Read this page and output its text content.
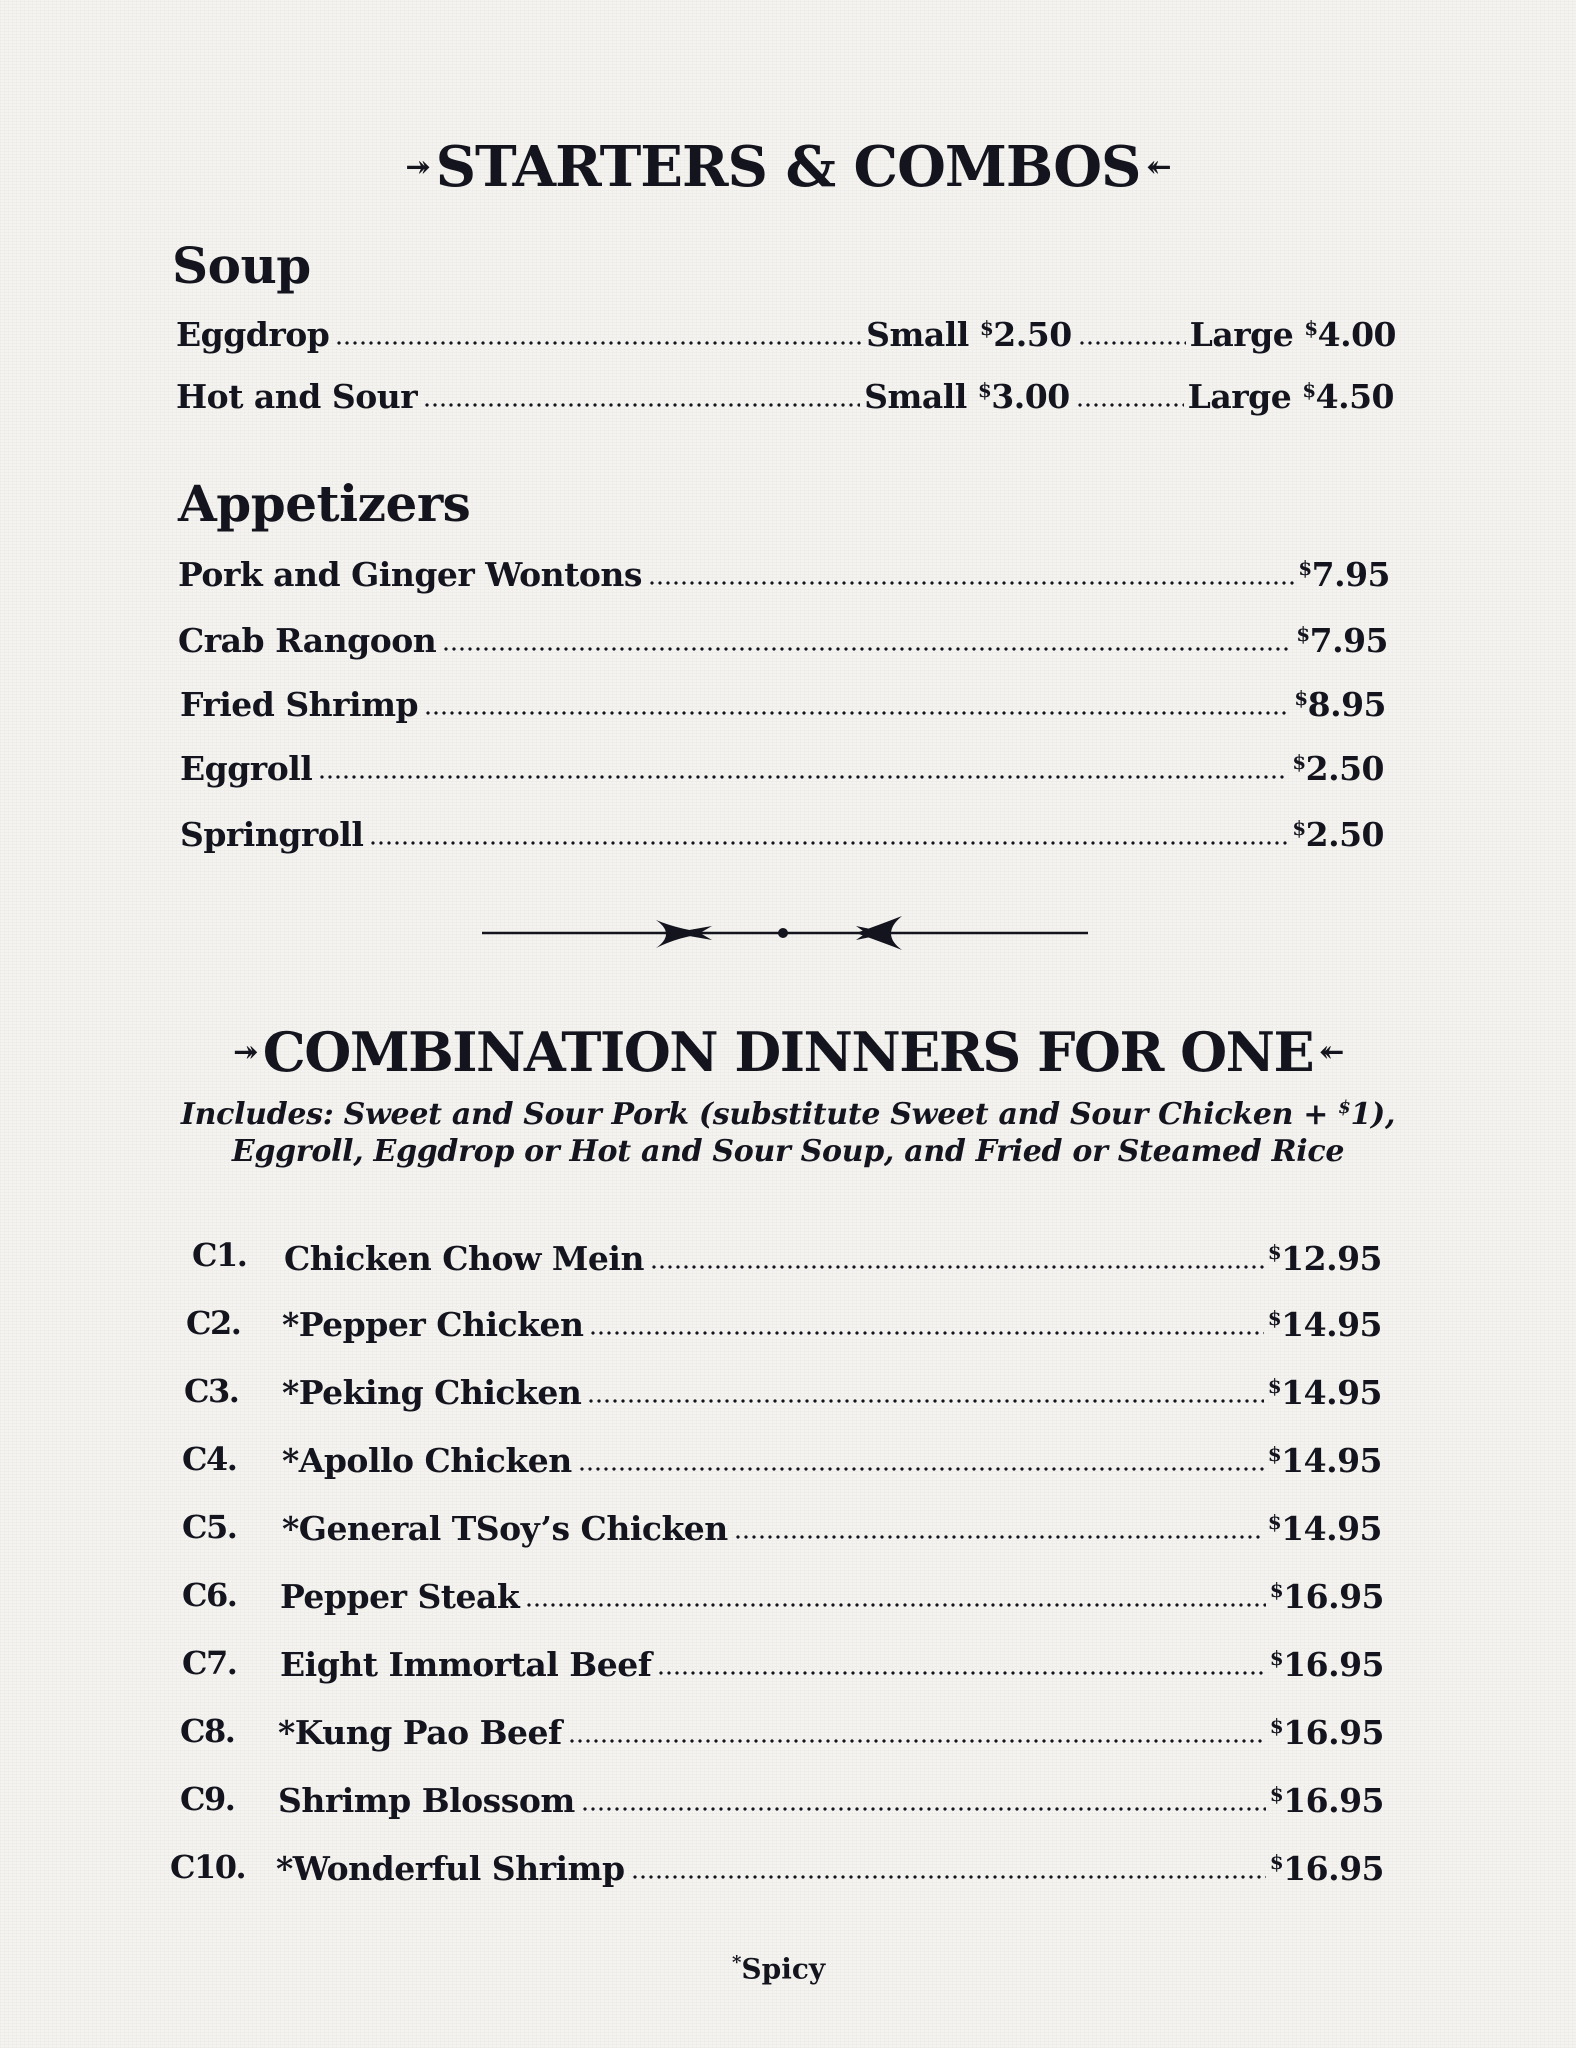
↠ STARTERS & COMBOS ↞
Soup
Eggdrop	Small $2.50	Large $4.00
Hot and Sour	Small $3.00	Large $4.50
Appetizers
Pork and Ginger Wontons	$7.95
Crab Rangoon	$7.95
Fried Shrimp	$8.95
Eggroll	$2.50
Springroll	$2.50
↠ COMBINATION DINNERS FOR ONE ↞
Includes: Sweet and Sour Pork (substitute Sweet and Sour Chicken + $1),
Eggroll, Eggdrop or Hot and Sour Soup, and Fried or Steamed Rice
C1. Chicken Chow Mein	$12.95
C2. *Pepper Chicken	$14.95
C3. *Peking Chicken	$14.95
C4. *Apollo Chicken	$14.95
C5. *General TSoy’s Chicken	$14.95
C6. Pepper Steak	$16.95
C7. Eight Immortal Beef	$16.95
C8. *Kung Pao Beef	$16.95
C9. Shrimp Blossom	$16.95
C10. *Wonderful Shrimp	$16.95
*Spicy
